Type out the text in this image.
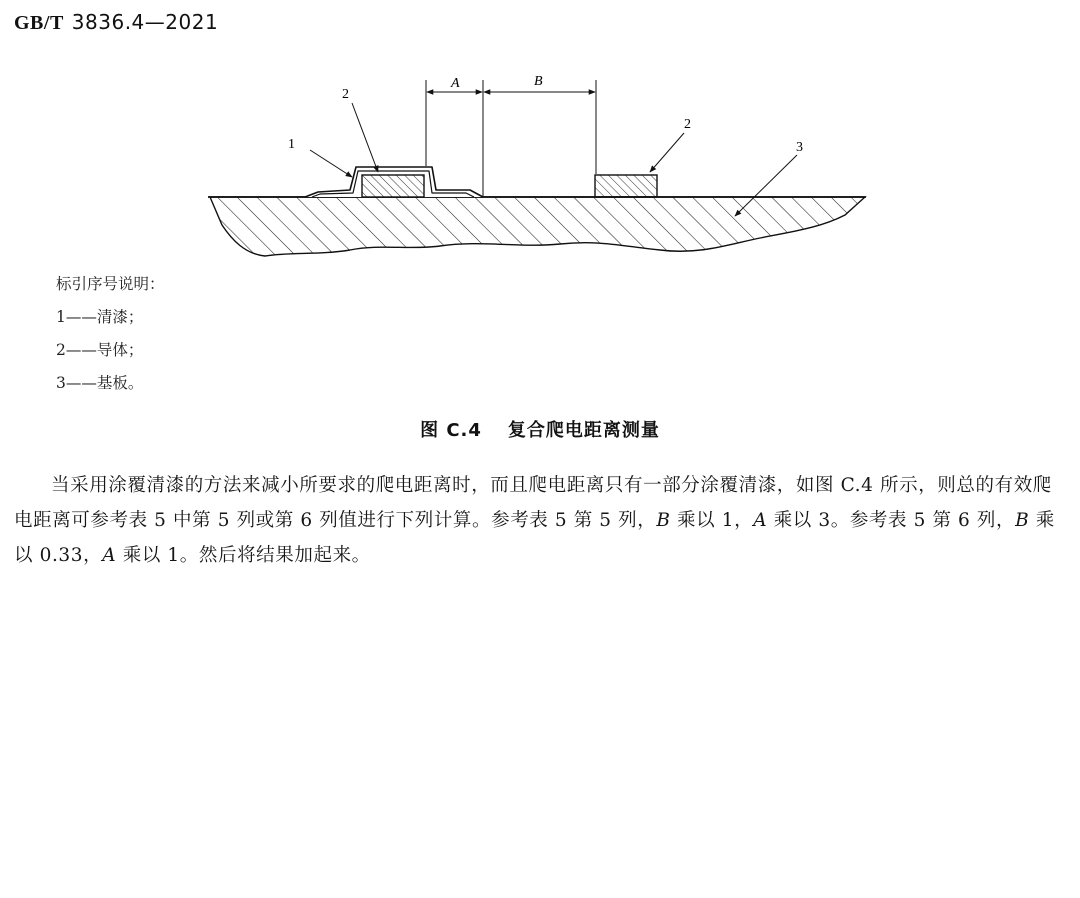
GB/T 3836.4—2021
A	B
1
2
2
3
标引序号说明：
1——清漆；
2——导体；
3——基板。
图 C.4 复合爬电距离测量
当采用涂覆清漆的方法来减小所要求的爬电距离时，而且爬电距离只有一部分涂覆清漆，如图 C.4 所示，则总的有效爬电距离可参考表 5 中第 5 列或第 6 列值进行下列计算。参考表 5 第 5 列，B 乘以 1，A 乘以 3。参考表 5 第 6 列，B 乘以 0.33，A 乘以 1。然后将结果加起来。
